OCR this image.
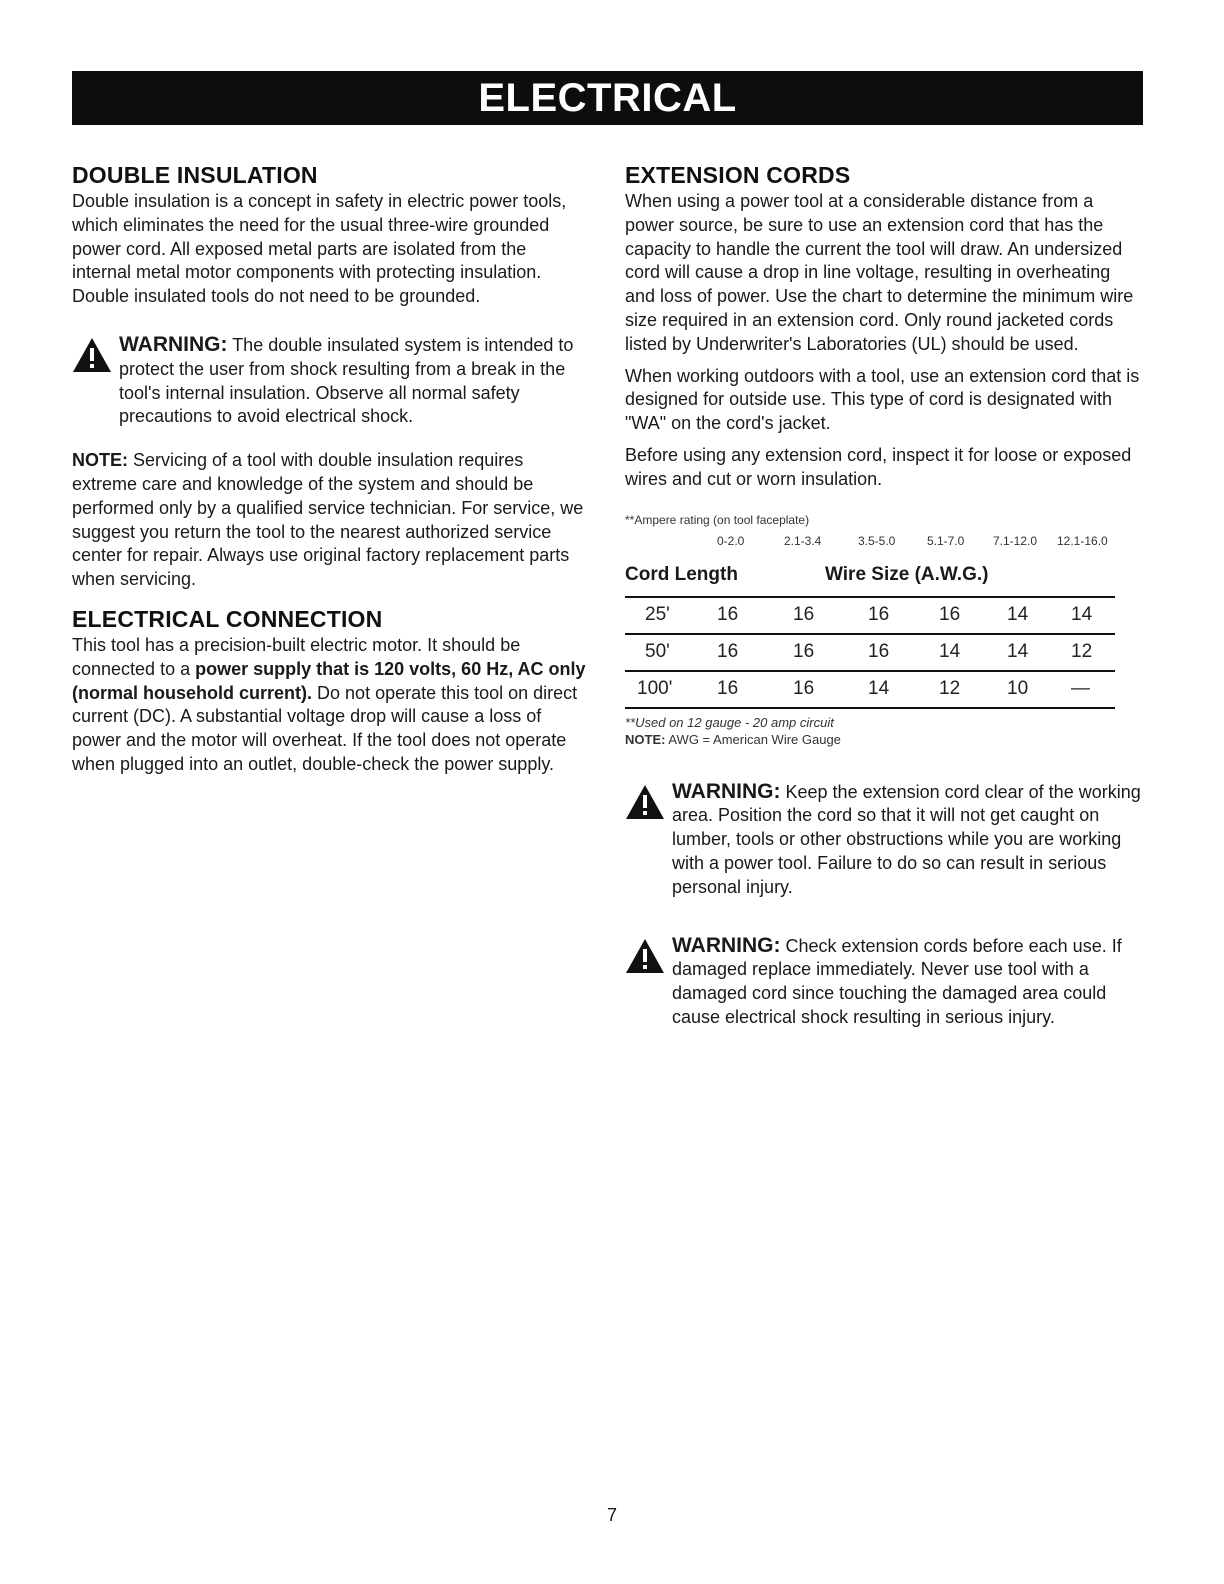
ELECTRICAL
DOUBLE INSULATION

Double insulation is a concept in safety in electric power tools, which eliminates the need for the usual three-wire grounded power cord. All exposed metal parts are isolated from the internal metal motor components with protecting insulation. Double insulated tools do not need to be grounded.

WARNING: The double insulated system is intended to protect the user from shock resulting from a break in the tool's internal insulation. Observe all normal safety precautions to avoid electrical shock.

NOTE: Servicing of a tool with double insulation requires extreme care and knowledge of the system and should be performed only by a qualified service technician. For service, we suggest you return the tool to the nearest authorized service center for repair. Always use original factory replacement parts when servicing.

ELECTRICAL CONNECTION

This tool has a precision-built electric motor. It should be connected to a power supply that is 120 volts, 60 Hz, AC only (normal household current). Do not operate this tool on direct current (DC). A substantial voltage drop will cause a loss of power and the motor will overheat. If the tool does not operate when plugged into an outlet, double-check the power supply.

EXTENSION CORDS

When using a power tool at a considerable distance from a power source, be sure to use an extension cord that has the capacity to handle the current the tool will draw. An undersized cord will cause a drop in line voltage, resulting in overheating and loss of power. Use the chart to determine the minimum wire size required in an extension cord. Only round jacketed cords listed by Underwriter's Laboratories (UL) should be used.

When working outdoors with a tool, use an extension cord that is designed for outside use. This type of cord is designated with "WA" on the cord's jacket.

Before using any extension cord, inspect it for loose or exposed wires and cut or worn insulation.

**Ampere rating (on tool faceplate)
0-2.0	2.1-3.4	3.5-5.0	5.1-7.0 7.1-12.0 12.1-16.0
Cord Length	Wire Size (A.W.G.)
25'	16	16	16	16	14	14
50'	16	16	16	14	14	12
100'	16	16	14	12	10	—
**Used on 12 gauge - 20 amp circuit
NOTE: AWG = American Wire Gauge

WARNING: Keep the extension cord clear of the working area. Position the cord so that it will not get caught on lumber, tools or other obstructions while you are working with a power tool. Failure to do so can result in serious personal injury.

WARNING: Check extension cords before each use. If damaged replace immediately. Never use tool with a damaged cord since touching the damaged area could cause electrical shock resulting in serious injury.

7
